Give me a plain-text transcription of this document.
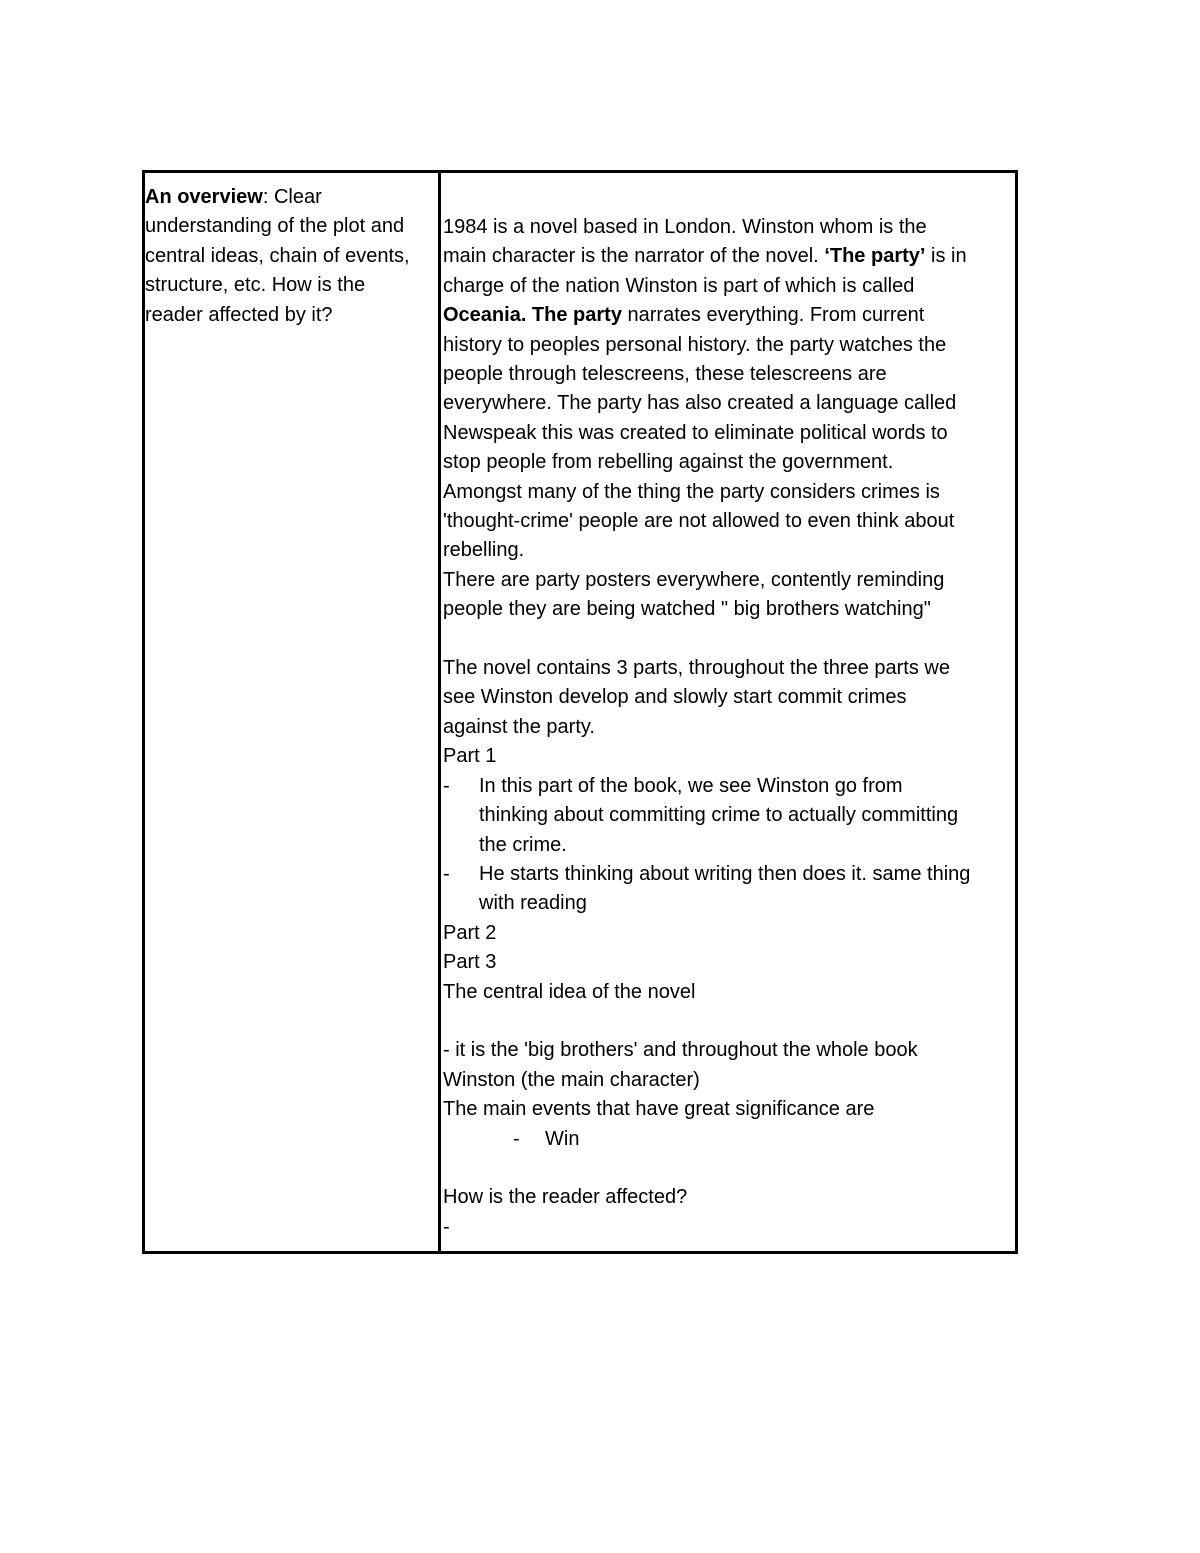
An overview: Clear
understanding of the plot and
central ideas, chain of events,
structure, etc. How is the
reader affected by it?
1984 is a novel based in London. Winston whom is the
main character is the narrator of the novel. ‘The party’ is in
charge of the nation Winston is part of which is called
Oceania. The party narrates everything. From current
history to peoples personal history. the party watches the
people through telescreens, these telescreens are
everywhere. The party has also created a language called
Newspeak this was created to eliminate political words to
stop people from rebelling against the government.
Amongst many of the thing the party considers crimes is
'thought-crime' people are not allowed to even think about
rebelling.
There are party posters everywhere, contently reminding
people they are being watched " big brothers watching"
The novel contains 3 parts, throughout the three parts we
see Winston develop and slowly start commit crimes
against the party.
Part 1
- In this part of the book, we see Winston go from
thinking about committing crime to actually committing
the crime.
- He starts thinking about writing then does it. same thing
with reading
Part 2
Part 3
The central idea of the novel
- it is the 'big brothers' and throughout the whole book
Winston (the main character)
The main events that have great significance are
- Win
How is the reader affected?
-
